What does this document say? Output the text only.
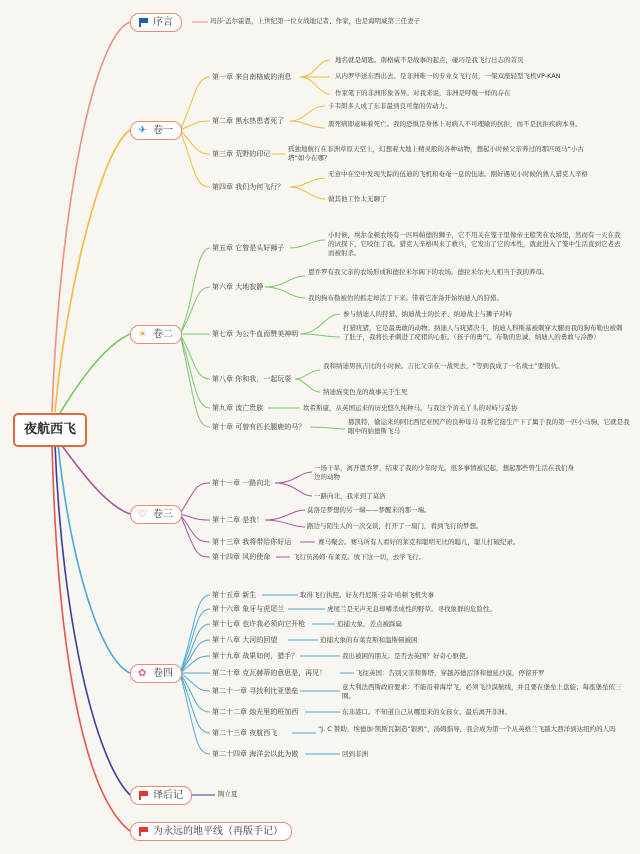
夜航西飞
序言	玛莎·盖尔霍恩，上世纪第一位女战地记者、作家，也是海明威第三任妻子
✈ 卷一
第一章 来自南格威的消息
地名就是胡匙。南格威不是故事的起点，碰巧是我飞行日志的首页
从内罗毕送东西出去。是非洲唯一的专业女飞行员，一架双座轻型飞机VP-KAN
作家笔下的非洲形象各异。对我来说，非洲是呼吸一样的存在
第二章 黑水热患者死了
卡韦朗多人成了东非最到良可靠的劳动力。
黑死病即意味着死亡。我的恐惧是身体上对病人不可理喻的抗拒，而不是抗拒疾病本身。
第三章 荒野的印记
孤独地航行在非洲草原天空上，幻想着大地上精灵般的各种动物，想起小时候父亲养过的那匹斑马“小古塔”如今在哪？
第四章 我们为何飞行？
无意中在空中发现失踪的伍迪的飞机和奄奄一息的伍迪。刚好遇见小时候的熟人猎克人辛格
做其他工作太无聊了
☀ 卷二
第五章 它曾是头好狮子
小时候，埃尔金顿农场有一匹叫帕德的狮子，它不用关在笼子里像帝王般笑在农场里，然而有一天在我的试探下，它咬住了我。猎克人辛格叫来了救兵，它发出了它的本性，就此进入了笼中生活直到它老去而被射杀。
第六章 大地寂静
恩乔罗有我父亲的农场形成和德拉米尔阁下的农场。德拉米尔夫人相当于我的养母。
我的狗布勒被豹的抓走却活了下来。带着它准备开始纳迪人的狩猎。
第七章 为公牛血而赞美神明
参与纳迪人的狩猎、纳迪战士的长矛、纳迪战士与狮子对峙
打猎疣猪，它是最勇敢的动物。纳迪人与疣猪决斗，纳迪人科斯基被刺穿大腿而我的狗布勒也被刺了肚子，我将长矛刺进了疣猪的心脏。（孩子的勇气、布勒的忠诚、纳迪人的勇敢与冷静）
第八章 你和我，一起玩耍
我和纳迪男孩吉比的小时候。吉比父亲在一战死去，“等到我成了一名战士”要报仇。
纳迪族变色龙的故事关于生死
第九章 流亡贵族	坎希斯康，从英国运来的历史悠久纯种马。与我这个黄毛丫头的对峙与妥协
第十章 可曾有匹长腿鹿的马？
篡凯特，偷运来的阿比西尼亚国产的良种母马 我帮它接生产下了属于我的第一匹小马驹，它就是我眼中的始德斯飞马
♡ 卷三
第十一章 一路向北
一场干旱，离开恩乔罗，结束了我的少年时光。很多事情被记起，想起那些曾生活在我们身边的动物
一路向北，我来到了莫洛
第十二章 是我！
莫洛是梦想的另一端——梦醒来的那一端。
路边与陌生人的一次交谈，打开了一扇门，看到飞行的梦想。
第十三章 我将带给你好运	赛马聚会。赛马所有人看好的莱克和聪明无比的聪儿，聪儿打破纪录。
第十四章 风的使命	飞行员汤姆·布莱克。放下这一切，去学飞行。
✿ 卷四
第十五章 新生	取得飞行执照。好友丹尼斯·芬奇·哈顿飞机失事
第十六章 象牙与虎尾兰	虎尾兰是无声无息却嗜杀成性的野草。寻找象群的危险性。
第十七章 也许我必须向它开枪	追捕大象，差点被踩扁
第十八章 大河的回望	追捕大象的布莱克斯和温斯顿被困
第十九章 战果如何，猎手？	我出被困的朋友。是否去英国？好奇心驱使。
第二十章 克瓦赫蒂的意思是，再见！	飞往英国：告别父亲和鲁塔，穿越苏德沼泽和德延沙漠，停留开罗
第二十一章 寻找利比亚堡垒	意大利法西斯政府要求：不能沿着海岸飞，必须飞沙漠航线，并且要在堡垒上盘旋；每座堡垒依三圈。
第二十二章 烛光里的班加西	东非港口。不知道自己从哪里来的女孩女。最后离开非洲。
第二十三章 夜航西飞	“J. C 赞助，埃德加·凯斯瓦制造“银鸥”，汤姆指导，我会成为第一个从英格兰飞越大西洋到达纽约的人吗
第二十四章 海洋会以此为傲	回到非洲
译后记	陶立夏
为永远的地平线（再版手记）
